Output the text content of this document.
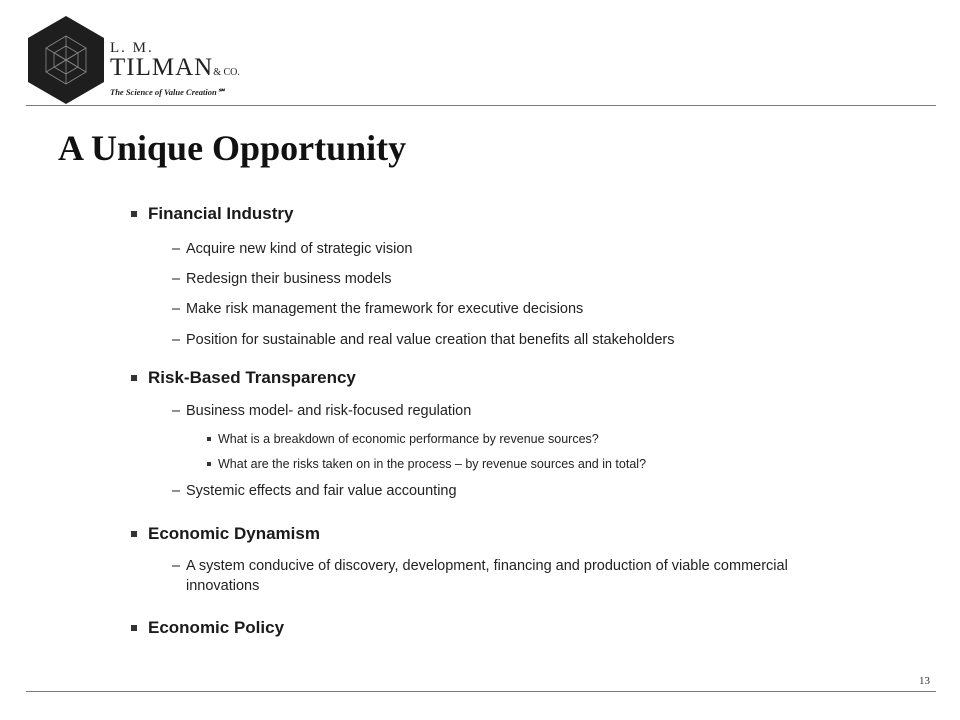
L. M.
TILMAN& CO.
The Science of Value Creation℠
A Unique Opportunity
Financial Industry
– Acquire new kind of strategic vision
– Redesign their business models
– Make risk management the framework for executive decisions
– Position for sustainable and real value creation that benefits all stakeholders
Risk-Based Transparency
– Business model- and risk-focused regulation
What is a breakdown of economic performance by revenue sources?
What are the risks taken on in the process – by revenue sources and in total?
– Systemic effects and fair value accounting
Economic Dynamism
– A system conducive of discovery, development, financing and production of viable commercial innovations
Economic Policy
13
